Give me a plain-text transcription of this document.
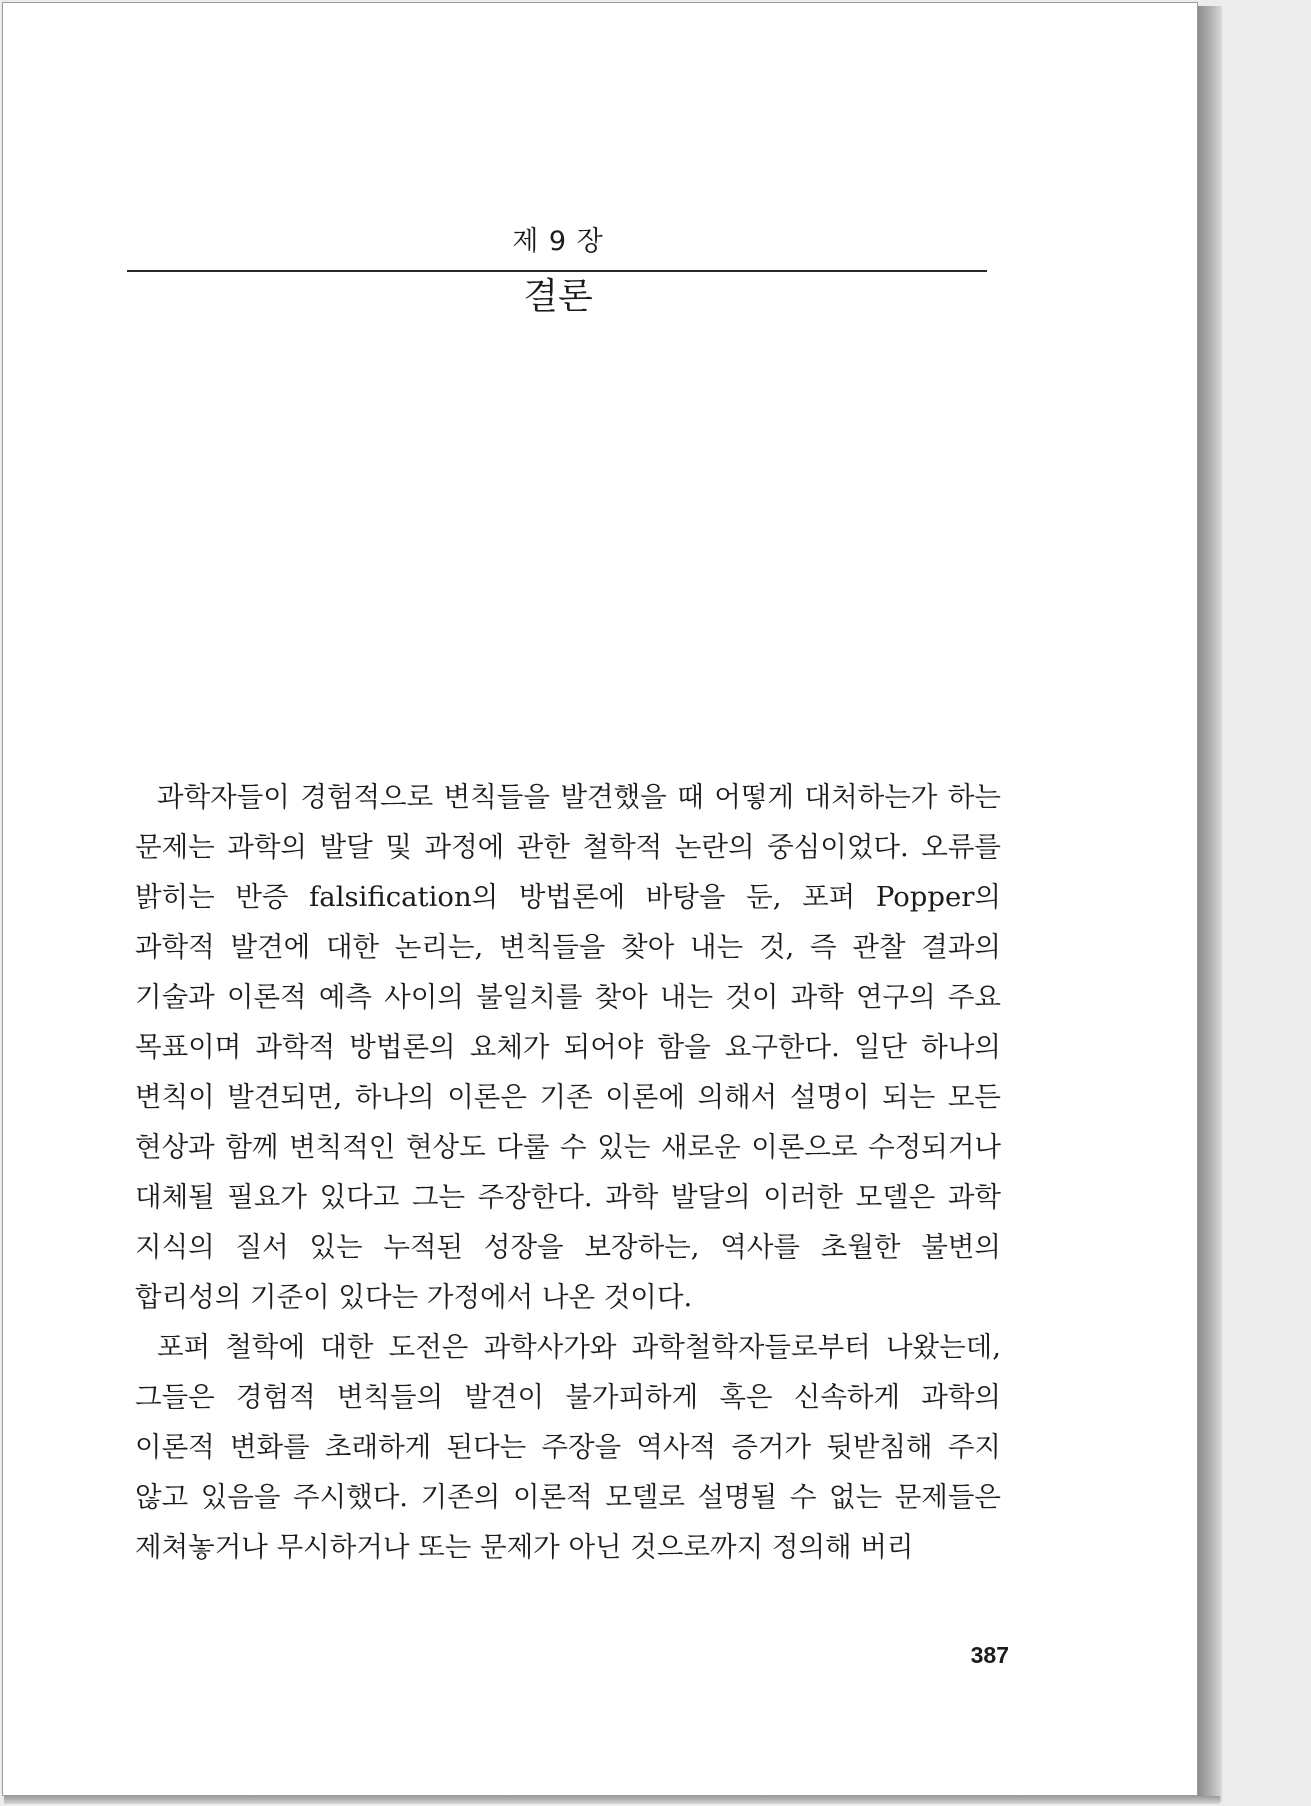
제 9 장
결론

과학자들이 경험적으로 변칙들을 발견했을 때 어떻게 대처하는가 하는 문제는 과학의 발달 및 과정에 관한 철학적 논란의 중심이었다. 오류를 밝히는 반증 falsification의 방법론에 바탕을 둔, 포퍼 Popper의 과학적 발견에 대한 논리는, 변칙들을 찾아 내는 것, 즉 관찰 결과의 기술과 이론적 예측 사이의 불일치를 찾아 내는 것이 과학 연구의 주요 목표이며 과학적 방법론의 요체가 되어야 함을 요구한다. 일단 하나의 변칙이 발견되면, 하나의 이론은 기존 이론에 의해서 설명이 되는 모든 현상과 함께 변칙적인 현상도 다룰 수 있는 새로운 이론으로 수정되거나 대체될 필요가 있다고 그는 주장한다. 과학 발달의 이러한 모델은 과학 지식의 질서 있는 누적된 성장을 보장하는, 역사를 초월한 불변의 합리성의 기준이 있다는 가정에서 나온 것이다.

포퍼 철학에 대한 도전은 과학사가와 과학철학자들로부터 나왔는데, 그들은 경험적 변칙들의 발견이 불가피하게 혹은 신속하게 과학의 이론적 변화를 초래하게 된다는 주장을 역사적 증거가 뒷받침해 주지 않고 있음을 주시했다. 기존의 이론적 모델로 설명될 수 없는 문제들은 제쳐놓거나 무시하거나 또는 문제가 아닌 것으로까지 정의해 버리

387
